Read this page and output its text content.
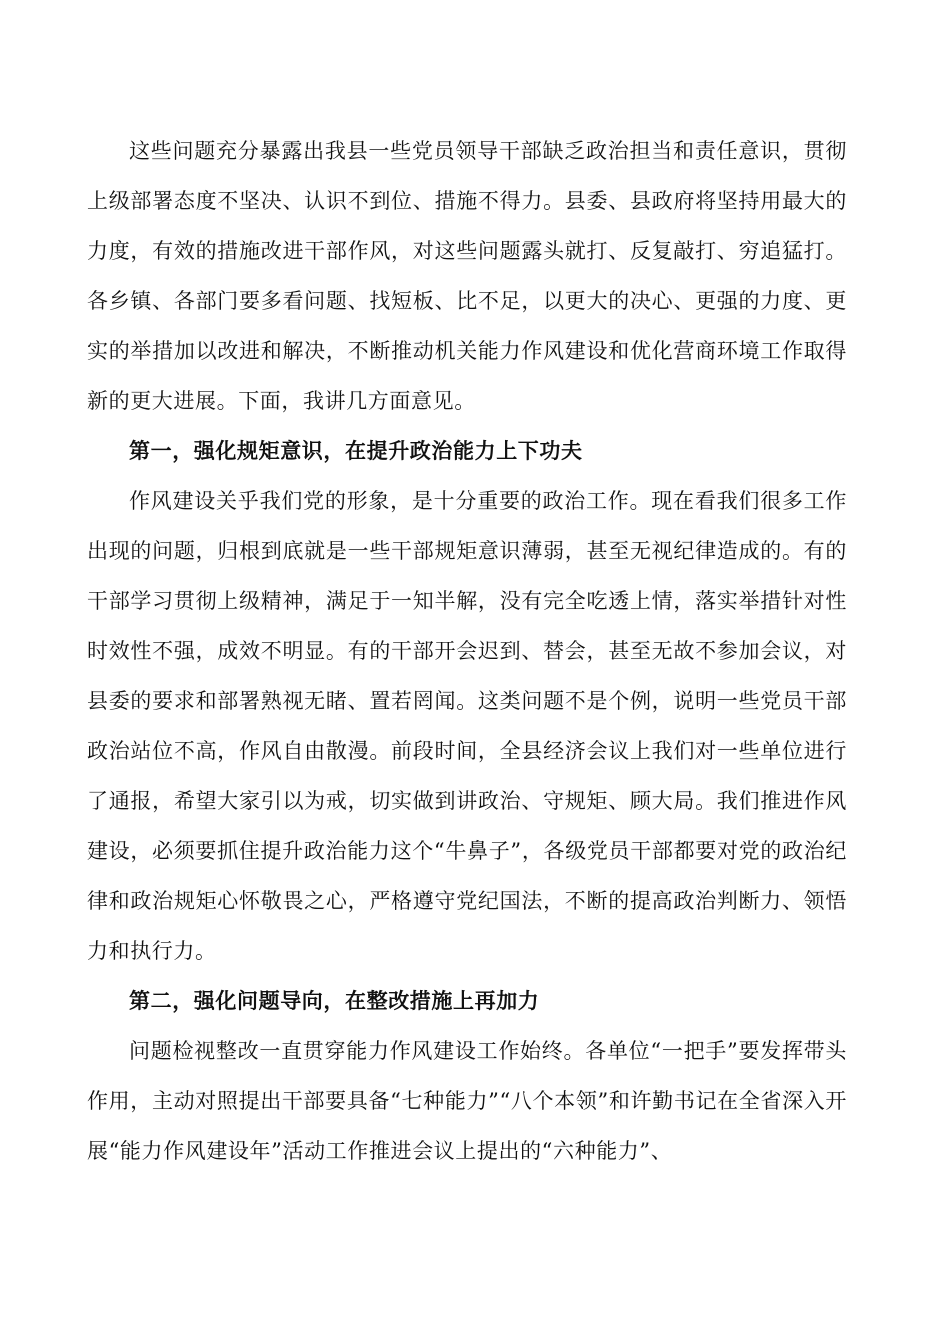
这些问题充分暴露出我县一些党员领导干部缺乏政治担当和责任意识，贯彻上级部署态度不坚决、认识不到位、措施不得力。县委、县政府将坚持用最大的力度，有效的措施改进干部作风，对这些问题露头就打、反复敲打、穷追猛打。各乡镇、各部门要多看问题、找短板、比不足，以更大的决心、更强的力度、更实的举措加以改进和解决，不断推动机关能力作风建设和优化营商环境工作取得新的更大进展。下面，我讲几方面意见。

第一，强化规矩意识，在提升政治能力上下功夫

作风建设关乎我们党的形象，是十分重要的政治工作。现在看我们很多工作出现的问题，归根到底就是一些干部规矩意识薄弱，甚至无视纪律造成的。有的干部学习贯彻上级精神，满足于一知半解，没有完全吃透上情，落实举措针对性时效性不强，成效不明显。有的干部开会迟到、替会，甚至无故不参加会议，对县委的要求和部署熟视无睹、置若罔闻。这类问题不是个例，说明一些党员干部政治站位不高，作风自由散漫。前段时间，全县经济会议上我们对一些单位进行了通报，希望大家引以为戒，切实做到讲政治、守规矩、顾大局。我们推进作风建设，必须要抓住提升政治能力这个“牛鼻子”，各级党员干部都要对党的政治纪律和政治规矩心怀敬畏之心，严格遵守党纪国法，不断的提高政治判断力、领悟力和执行力。

第二，强化问题导向，在整改措施上再加力

问题检视整改一直贯穿能力作风建设工作始终。各单位“一把手”要发挥带头作用，主动对照提出干部要具备“七种能力”“八个本领”和许勤书记在全省深入开展“能力作风建设年”活动工作推进会议上提出的“六种能力”、
